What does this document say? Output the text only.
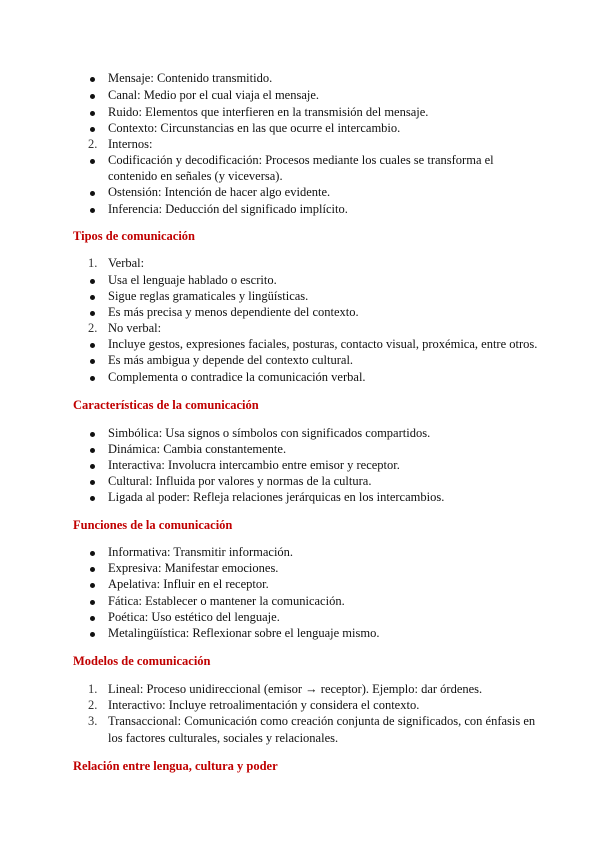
Mensaje: Contenido transmitido.
Canal: Medio por el cual viaja el mensaje.
Ruido: Elementos que interfieren en la transmisión del mensaje.
Contexto: Circunstancias en las que ocurre el intercambio.
2. Internos:
Codificación y decodificación: Procesos mediante los cuales se transforma el
contenido en señales (y viceversa).
Ostensión: Intención de hacer algo evidente.
Inferencia: Deducción del significado implícito.
Tipos de comunicación
1. Verbal:
Usa el lenguaje hablado o escrito.
Sigue reglas gramaticales y lingüísticas.
Es más precisa y menos dependiente del contexto.
2. No verbal:
Incluye gestos, expresiones faciales, posturas, contacto visual, proxémica, entre otros.
Es más ambigua y depende del contexto cultural.
Complementa o contradice la comunicación verbal.
Características de la comunicación
Simbólica: Usa signos o símbolos con significados compartidos.
Dinámica: Cambia constantemente.
Interactiva: Involucra intercambio entre emisor y receptor.
Cultural: Influida por valores y normas de la cultura.
Ligada al poder: Refleja relaciones jerárquicas en los intercambios.
Funciones de la comunicación
Informativa: Transmitir información.
Expresiva: Manifestar emociones.
Apelativa: Influir en el receptor.
Fática: Establecer o mantener la comunicación.
Poética: Uso estético del lenguaje.
Metalingüística: Reflexionar sobre el lenguaje mismo.
Modelos de comunicación
1. Lineal: Proceso unidireccional (emisor → receptor). Ejemplo: dar órdenes.
2. Interactivo: Incluye retroalimentación y considera el contexto.
3. Transaccional: Comunicación como creación conjunta de significados, con énfasis en
los factores culturales, sociales y relacionales.
Relación entre lengua, cultura y poder
